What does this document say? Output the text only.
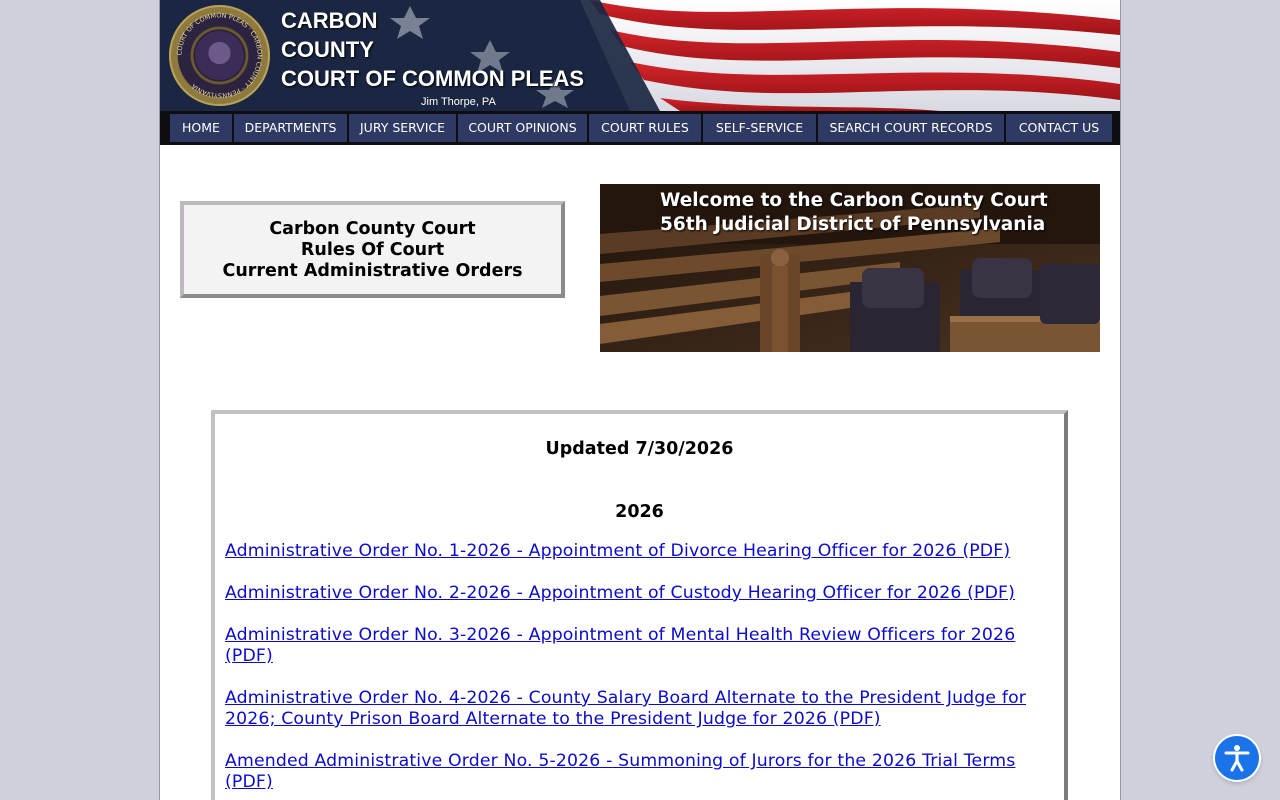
COURT OF COMMON PLEAS · CARBON COUNTY · PENNSYLVANIA
CARBON
COUNTY
COURT OF COMMON PLEAS
Jim Thorpe, PA
HOME	DEPARTMENTS	JURY SERVICE	COURT OPINIONS	COURT RULES	SELF-SERVICE	SEARCH COURT RECORDS	CONTACT US
Carbon County Court
Rules Of Court
Current Administrative Orders
Welcome to the Carbon County Court
56th Judicial District of Pennsylvania
Updated 7/30/2026
2026
Administrative Order No. 1-2026 - Appointment of Divorce Hearing Officer for 2026 (PDF)
Administrative Order No. 2-2026 - Appointment of Custody Hearing Officer for 2026 (PDF)
Administrative Order No. 3-2026 - Appointment of Mental Health Review Officers for 2026 (PDF)
Administrative Order No. 4-2026 - County Salary Board Alternate to the President Judge for 2026; County Prison Board Alternate to the President Judge for 2026 (PDF)
Amended Administrative Order No. 5-2026 - Summoning of Jurors for the 2026 Trial Terms (PDF)
